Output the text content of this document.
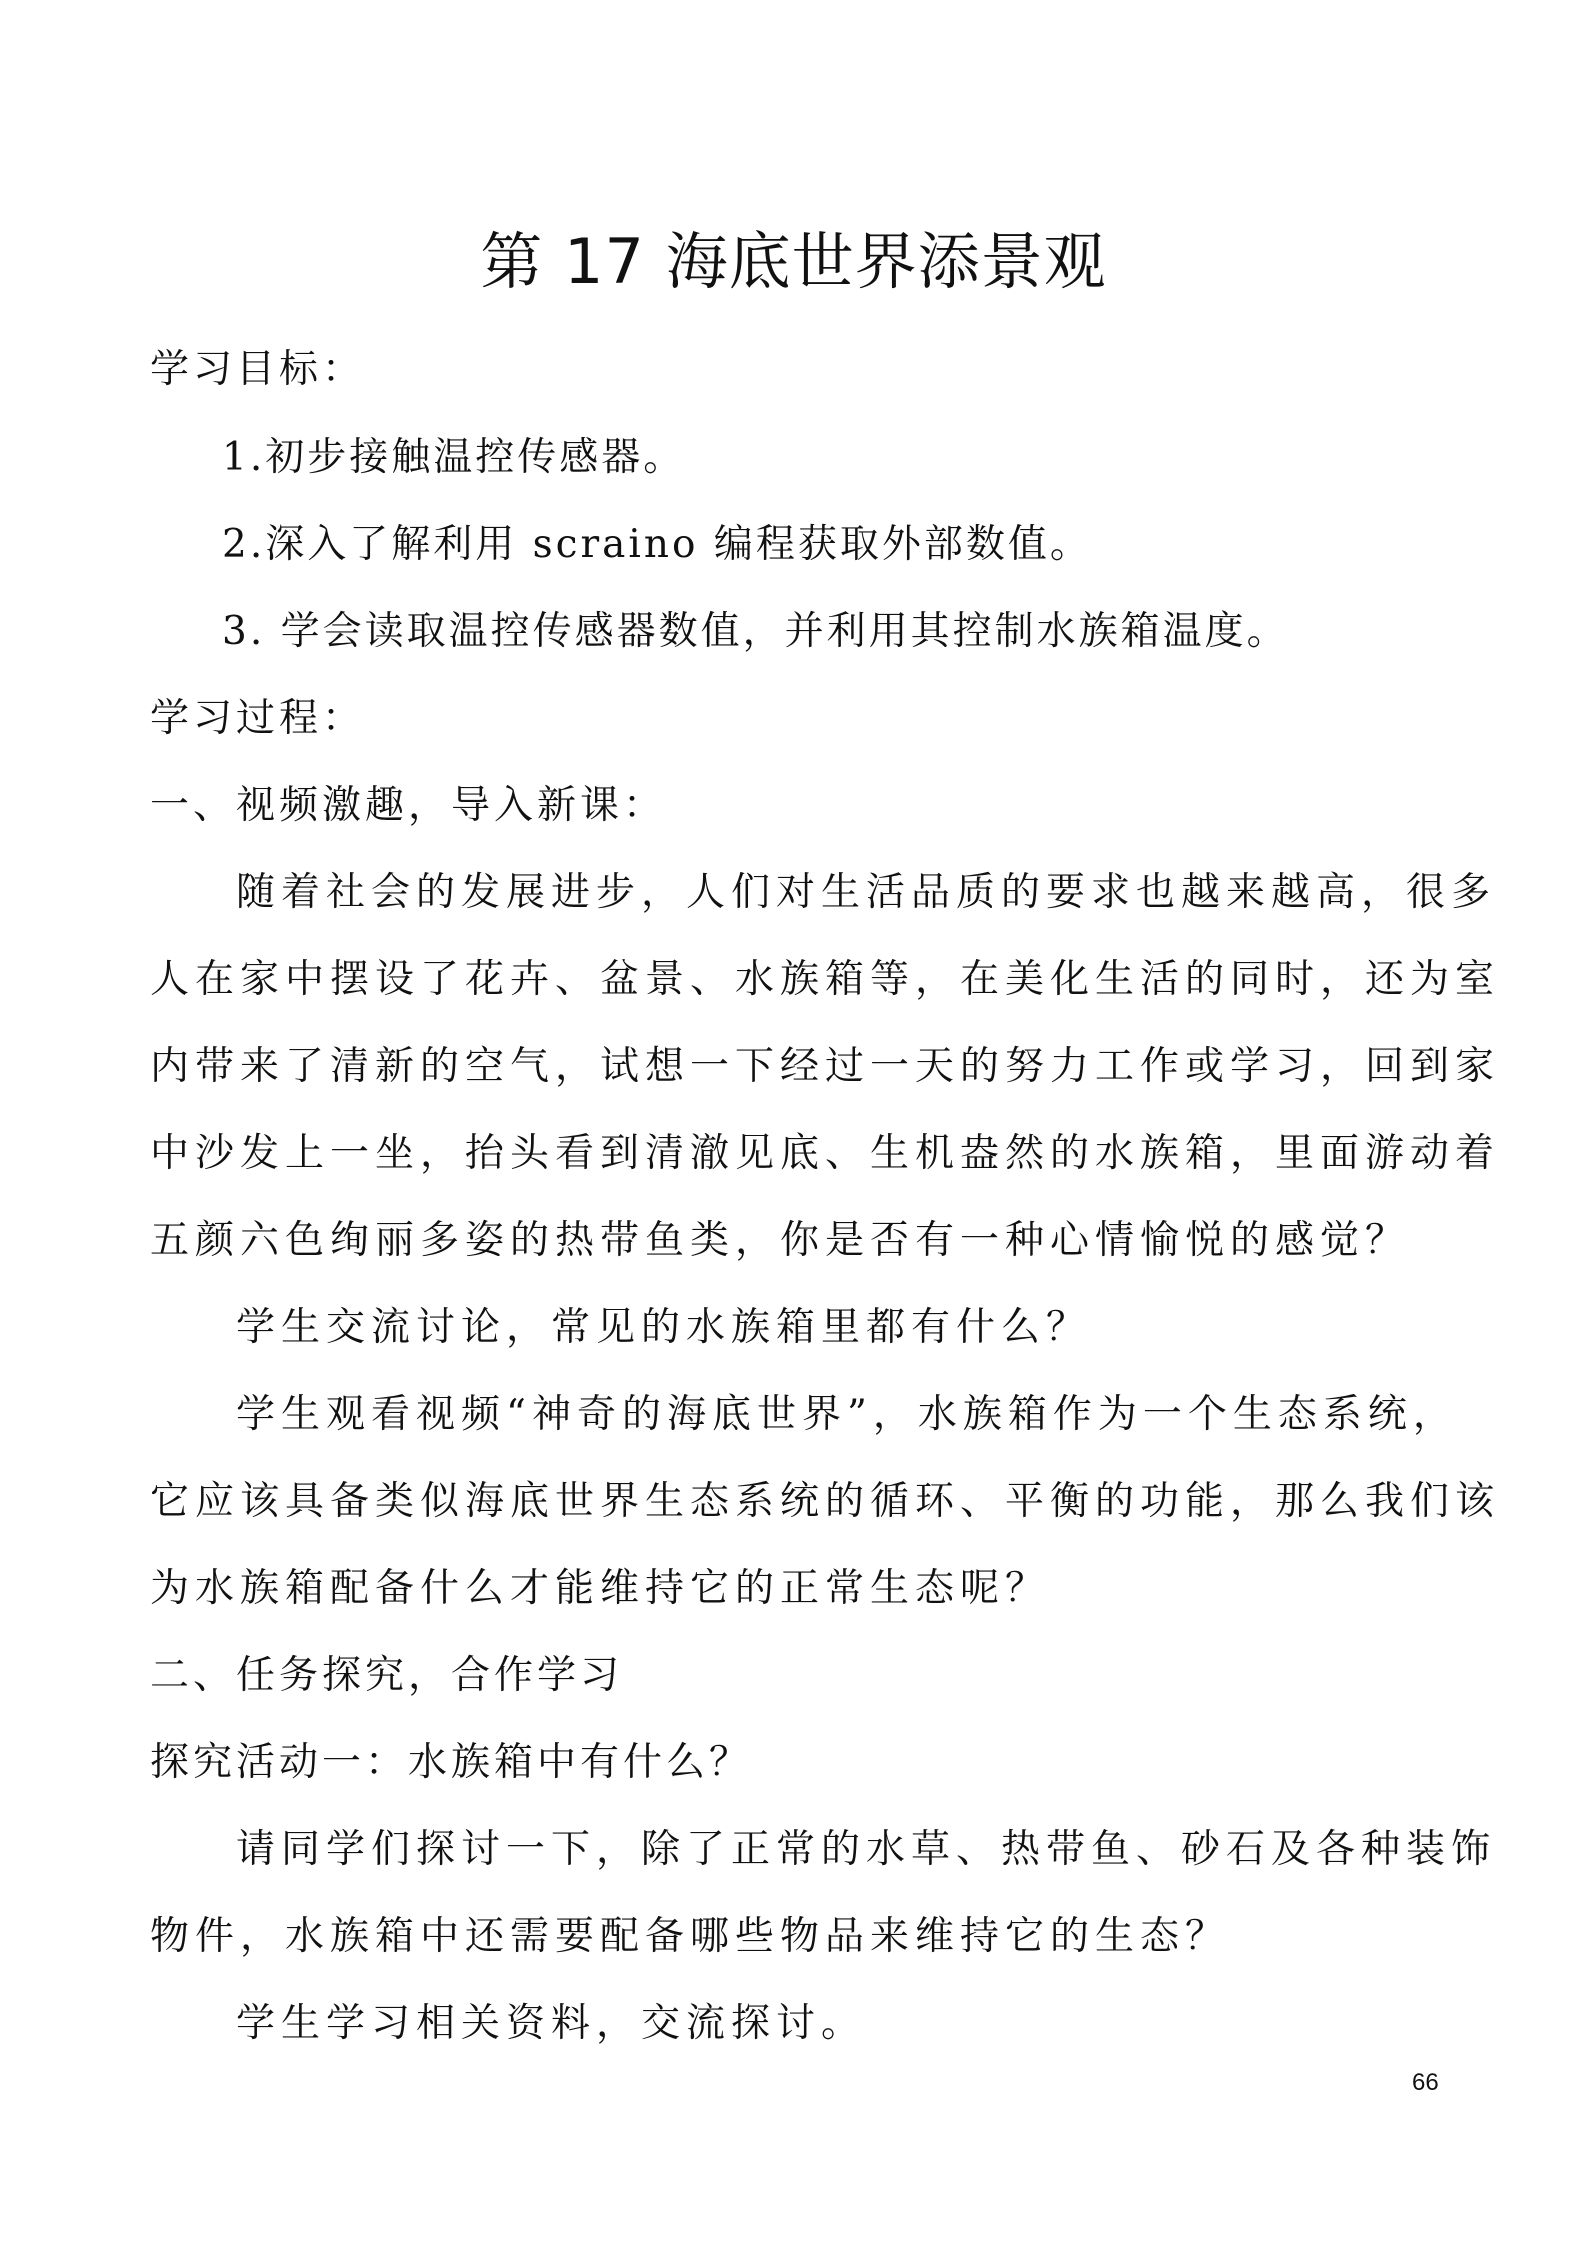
第 17 海底世界添景观
学习目标：
1.初步接触温控传感器。
2.深入了解利用 scraino 编程获取外部数值。
3. 学会读取温控传感器数值，并利用其控制水族箱温度。
学习过程：
一、视频激趣，导入新课：
随着社会的发展进步，人们对生活品质的要求也越来越高，很多
人在家中摆设了花卉、盆景、水族箱等，在美化生活的同时，还为室
内带来了清新的空气，试想一下经过一天的努力工作或学习，回到家
中沙发上一坐，抬头看到清澈见底、生机盎然的水族箱，里面游动着
五颜六色绚丽多姿的热带鱼类，你是否有一种心情愉悦的感觉？
学生交流讨论，常见的水族箱里都有什么？
学生观看视频“神奇的海底世界”，水族箱作为一个生态系统，
它应该具备类似海底世界生态系统的循环、平衡的功能，那么我们该
为水族箱配备什么才能维持它的正常生态呢？
二、任务探究，合作学习
探究活动一：水族箱中有什么？
请同学们探讨一下，除了正常的水草、热带鱼、砂石及各种装饰
物件，水族箱中还需要配备哪些物品来维持它的生态？
学生学习相关资料，交流探讨。
66
